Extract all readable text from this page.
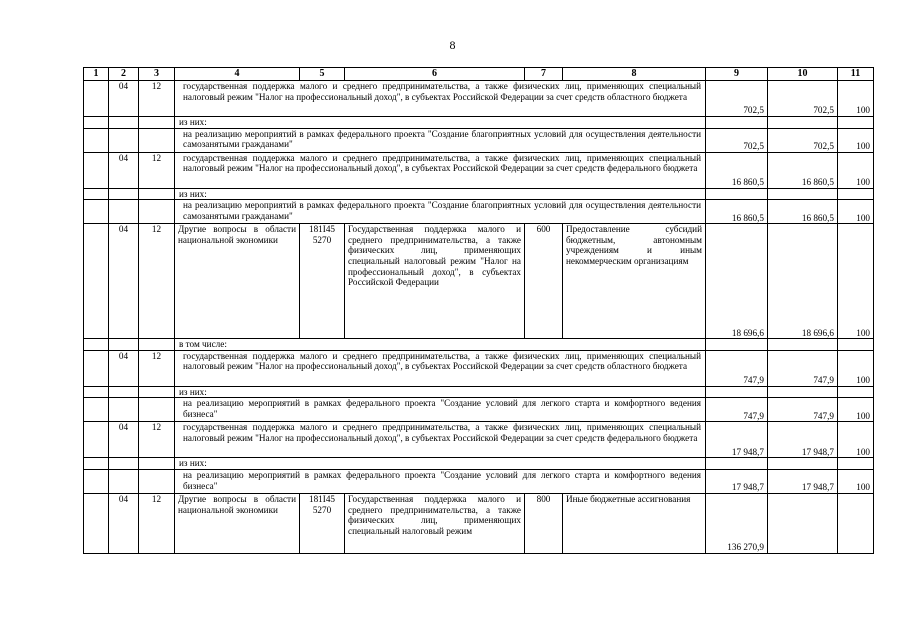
8
1	2	3	4	5	6	7	8	9	10	11
	04	12	государственная поддержка малого и среднего предпринимательства, а также физических лиц, применяющих специальный налоговый режим "Налог на профессиональный доход", в субъектах Российской Федерации за счет средств областного бюджета					702,5	702,5	100
			из них:							
			на реализацию мероприятий в рамках федерального проекта "Создание благоприятных условий для осуществления деятельности самозанятыми гражданами"					702,5	702,5	100
	04	12	государственная поддержка малого и среднего предпринимательства, а также физических лиц, применяющих специальный налоговый режим "Налог на профессиональный доход", в субъектах Российской Федерации за счет средств федерального бюджета					16 860,5	16 860,5	100
			из них:							
			на реализацию мероприятий в рамках федерального проекта "Создание благоприятных условий для осуществления деятельности самозанятыми гражданами"					16 860,5	16 860,5	100
	04	12	Другие вопросы в области национальной экономики	181I45 5270	Государственная поддержка малого и среднего предпринимательства, а также физических лиц, применяющих специальный налоговый режим "Налог на профессиональный доход", в субъектах Российской Федерации	600	Предоставление субсидий бюджетным, автономным учреждениям и иным некоммерческим организациям	18 696,6	18 696,6	100
			в том числе:							
	04	12	государственная поддержка малого и среднего предпринимательства, а также физических лиц, применяющих специальный налоговый режим "Налог на профессиональный доход", в субъектах Российской Федерации за счет средств областного бюджета					747,9	747,9	100
			из них:							
			на реализацию мероприятий в рамках федерального проекта "Создание условий для легкого старта и комфортного ведения бизнеса"					747,9	747,9	100
	04	12	государственная поддержка малого и среднего предпринимательства, а также физических лиц, применяющих специальный налоговый режим "Налог на профессиональный доход", в субъектах Российской Федерации за счет средств федерального бюджета					17 948,7	17 948,7	100
			из них:							
			на реализацию мероприятий в рамках федерального проекта "Создание условий для легкого старта и комфортного ведения бизнеса"					17 948,7	17 948,7	100
	04	12	Другие вопросы в области национальной экономики	181I45 5270	Государственная поддержка малого и среднего предпринимательства, а также физических лиц, применяющих специальный налоговый режим	800	Иные бюджетные ассигнования	136 270,9		
